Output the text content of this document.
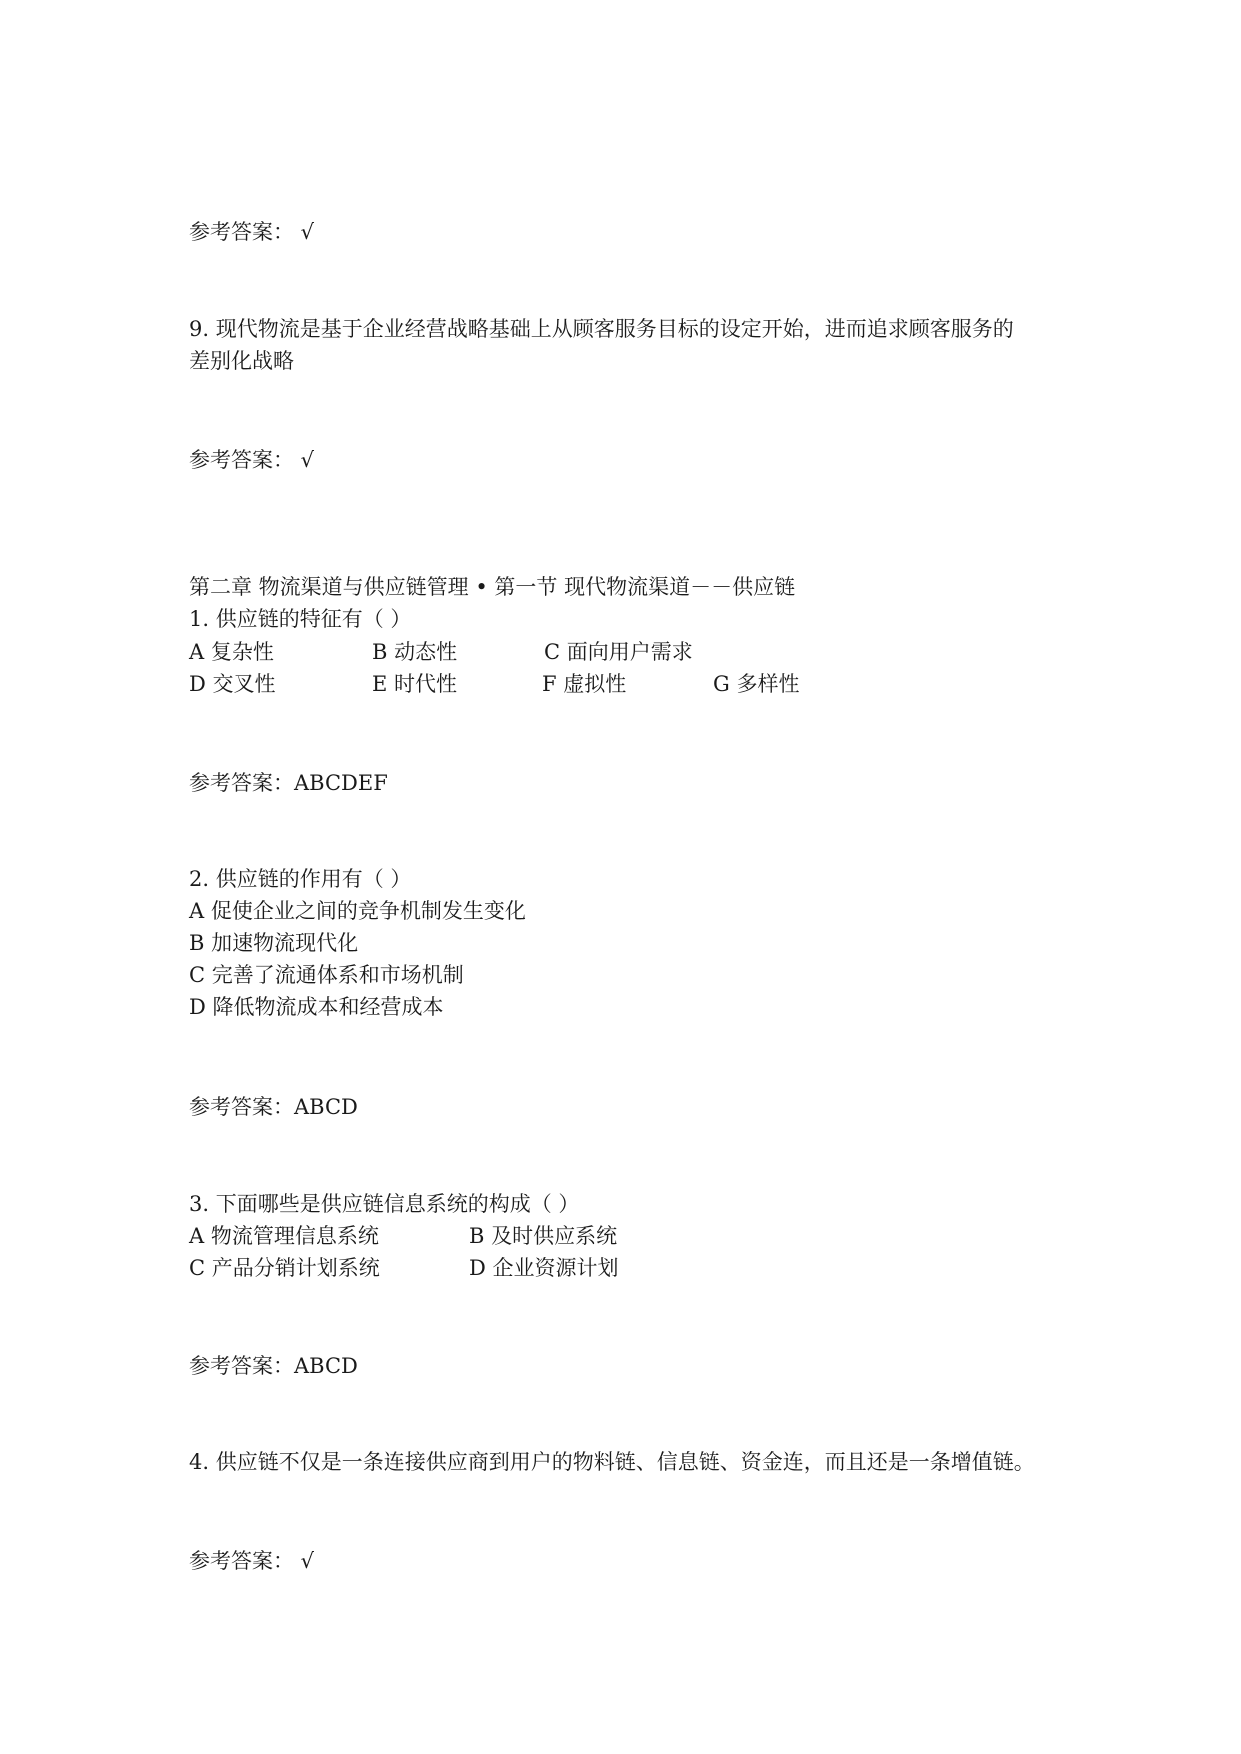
参考答案： √
9. 现代物流是基于企业经营战略基础上从顾客服务目标的设定开始，进而追求顾客服务的
差别化战略
参考答案： √
第二章 物流渠道与供应链管理 • 第一节 现代物流渠道－－供应链
1. 供应链的特征有（ ）
A 复杂性	B 动态性	C 面向用户需求
D 交叉性	E 时代性	F 虚拟性	G 多样性
参考答案：ABCDEF
2. 供应链的作用有（ ）
A 促使企业之间的竞争机制发生变化
B 加速物流现代化
C 完善了流通体系和市场机制
D 降低物流成本和经营成本
参考答案：ABCD
3. 下面哪些是供应链信息系统的构成（ ）
A 物流管理信息系统	B 及时供应系统
C 产品分销计划系统	D 企业资源计划
参考答案：ABCD
4. 供应链不仅是一条连接供应商到用户的物料链、信息链、资金连，而且还是一条增值链。
参考答案： √
